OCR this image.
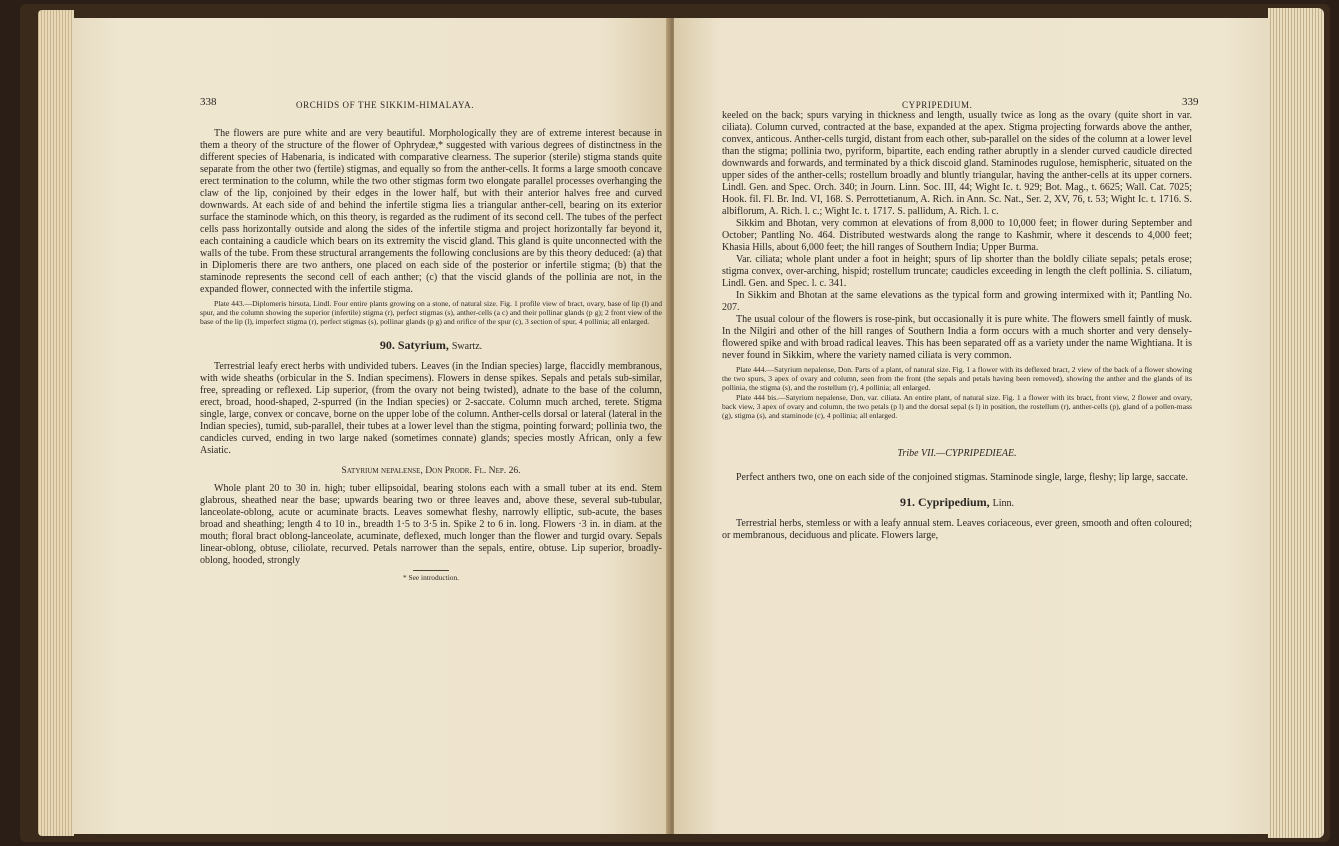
338	ORCHIDS OF THE SIKKIM-HIMALAYA.

The flowers are pure white and are very beautiful. Morphologically they are of extreme interest because in them a theory of the structure of the flower of Ophrydeæ,* suggested with various degrees of distinctness in the different species of Habenaria, is indicated with comparative clearness. The superior (sterile) stigma stands quite separate from the other two (fertile) stigmas, and equally so from the anther-cells. It forms a large smooth concave erect termination to the column, while the two other stigmas form two elongate parallel processes overhanging the claw of the lip, conjoined by their edges in the lower half, but with their anterior halves free and curved downwards. At each side of and behind the infertile stigma lies a triangular anther-cell, bearing on its exterior surface the staminode which, on this theory, is regarded as the rudiment of its second cell. The tubes of the perfect cells pass horizontally outside and along the sides of the infertile stigma and project horizontally far beyond it, each containing a caudicle which bears on its extremity the viscid gland. This gland is quite unconnected with the walls of the tube. From these structural arrangements the following conclusions are by this theory deduced: (a) that in Diplomeris there are two anthers, one placed on each side of the posterior or infertile stigma; (b) that the staminode represents the second cell of each anther; (c) that the viscid glands of the pollinia are not, in the expanded flower, connected with the infertile stigma.

Plate 443.—Diplomeris hirsuta, Lindl. Four entire plants growing on a stone, of natural size. Fig. 1 profile view of bract, ovary, base of lip (l) and spur, and the column showing the superior (infertile) stigma (r), perfect stigmas (s), anther-cells (a c) and their pollinar glands (p g); 2 front view of the base of the lip (l), imperfect stigma (r), perfect stigmas (s), pollinar glands (p g) and orifice of the spur (c), 3 section of spur, 4 pollinia; all enlarged.

90. Satyrium, Swartz.

Terrestrial leafy erect herbs with undivided tubers. Leaves (in the Indian species) large, flaccidly membranous, with wide sheaths (orbicular in the S. Indian specimens). Flowers in dense spikes. Sepals and petals sub-similar, free, spreading or reflexed. Lip superior, (from the ovary not being twisted), adnate to the base of the column, erect, broad, hood-shaped, 2-spurred (in the Indian species) or 2-saccate. Column much arched, terete. Stigma single, large, convex or concave, borne on the upper lobe of the column. Anther-cells dorsal or lateral (lateral in the Indian species), tumid, sub-parallel, their tubes at a lower level than the stigma, pointing forward; pollinia two, the candicles curved, ending in two large naked (sometimes connate) glands; species mostly African, only a few Asiatic.

Satyrium nepalense, Don Prodr. Fl. Nep. 26.

Whole plant 20 to 30 in. high; tuber ellipsoidal, bearing stolons each with a small tuber at its end. Stem glabrous, sheathed near the base; upwards bearing two or three leaves and, above these, several sub-tubular, lanceolate-oblong, acute or acuminate bracts. Leaves somewhat fleshy, narrowly elliptic, sub-acute, the bases broad and sheathing; length 4 to 10 in., breadth 1·5 to 3·5 in. Spike 2 to 6 in. long. Flowers ·3 in. in diam. at the mouth; floral bract oblong-lanceolate, acuminate, deflexed, much longer than the flower and turgid ovary. Sepals linear-oblong, obtuse, ciliolate, recurved. Petals narrower than the sepals, entire, obtuse. Lip superior, broadly-oblong, hooded, strongly

* See introduction.
CYPRIPEDIUM.	339

keeled on the back; spurs varying in thickness and length, usually twice as long as the ovary (quite short in var. ciliata). Column curved, contracted at the base, expanded at the apex. Stigma projecting forwards above the anther, convex, anticous. Anther-cells turgid, distant from each other, sub-parallel on the sides of the column at a lower level than the stigma; pollinia two, pyriform, bipartite, each ending rather abruptly in a slender curved caudicle directed downwards and forwards, and terminated by a thick discoid gland. Staminodes rugulose, hemispheric, situated on the upper sides of the anther-cells; rostellum broadly and bluntly triangular, having the anther-cells at its upper corners. Lindl. Gen. and Spec. Orch. 340; in Journ. Linn. Soc. III, 44; Wight Ic. t. 929; Bot. Mag., t. 6625; Wall. Cat. 7025; Hook. fil. Fl. Br. Ind. VI, 168. S. Perrottetianum, A. Rich. in Ann. Sc. Nat., Ser. 2, XV, 76, t. 53; Wight Ic. t. 1716. S. albiflorum, A. Rich. l. c.; Wight Ic. t. 1717. S. pallidum, A. Rich. l. c.

Sikkim and Bhotan, very common at elevations of from 8,000 to 10,000 feet; in flower during September and October; Pantling No. 464. Distributed westwards along the range to Kashmir, where it descends to 4,000 feet; Khasia Hills, about 6,000 feet; the hill ranges of Southern India; Upper Burma.

Var. ciliata; whole plant under a foot in height; spurs of lip shorter than the boldly ciliate sepals; petals erose; stigma convex, over-arching, hispid; rostellum truncate; caudicles exceeding in length the cleft pollinia. S. ciliatum, Lindl. Gen. and Spec. l. c. 341.

In Sikkim and Bhotan at the same elevations as the typical form and growing intermixed with it; Pantling No. 207.

The usual colour of the flowers is rose-pink, but occasionally it is pure white. The flowers smell faintly of musk. In the Nilgiri and other of the hill ranges of Southern India a form occurs with a much shorter and very densely-flowered spike and with broad radical leaves. This has been separated off as a variety under the name Wightiana. It is never found in Sikkim, where the variety named ciliata is very common.

Plate 444.—Satyrium nepalense, Don. Parts of a plant, of natural size. Fig. 1 a flower with its deflexed bract, 2 view of the back of a flower showing the two spurs, 3 apex of ovary and column, seen from the front (the sepals and petals having been removed), showing the anther and the glands of its pollinia, the stigma (s), and the rostellum (r), 4 pollinia; all enlarged.

Plate 444 bis.—Satyrium nepalense, Don, var. ciliata. An entire plant, of natural size. Fig. 1 a flower with its bract, front view, 2 flower and ovary, back view, 3 apex of ovary and column, the two petals (p l) and the dorsal sepal (s l) in position, the rostellum (r), anther-cells (p), gland of a pollen-mass (g), stigma (s), and staminode (c), 4 pollinia; all enlarged.

Tribe VII.—CYPRIPEDIEAE.

Perfect anthers two, one on each side of the conjoined stigmas. Staminode single, large, fleshy; lip large, saccate.

91. Cypripedium, Linn.

Terrestrial herbs, stemless or with a leafy annual stem. Leaves coriaceous, ever green, smooth and often coloured; or membranous, deciduous and plicate. Flowers large,
